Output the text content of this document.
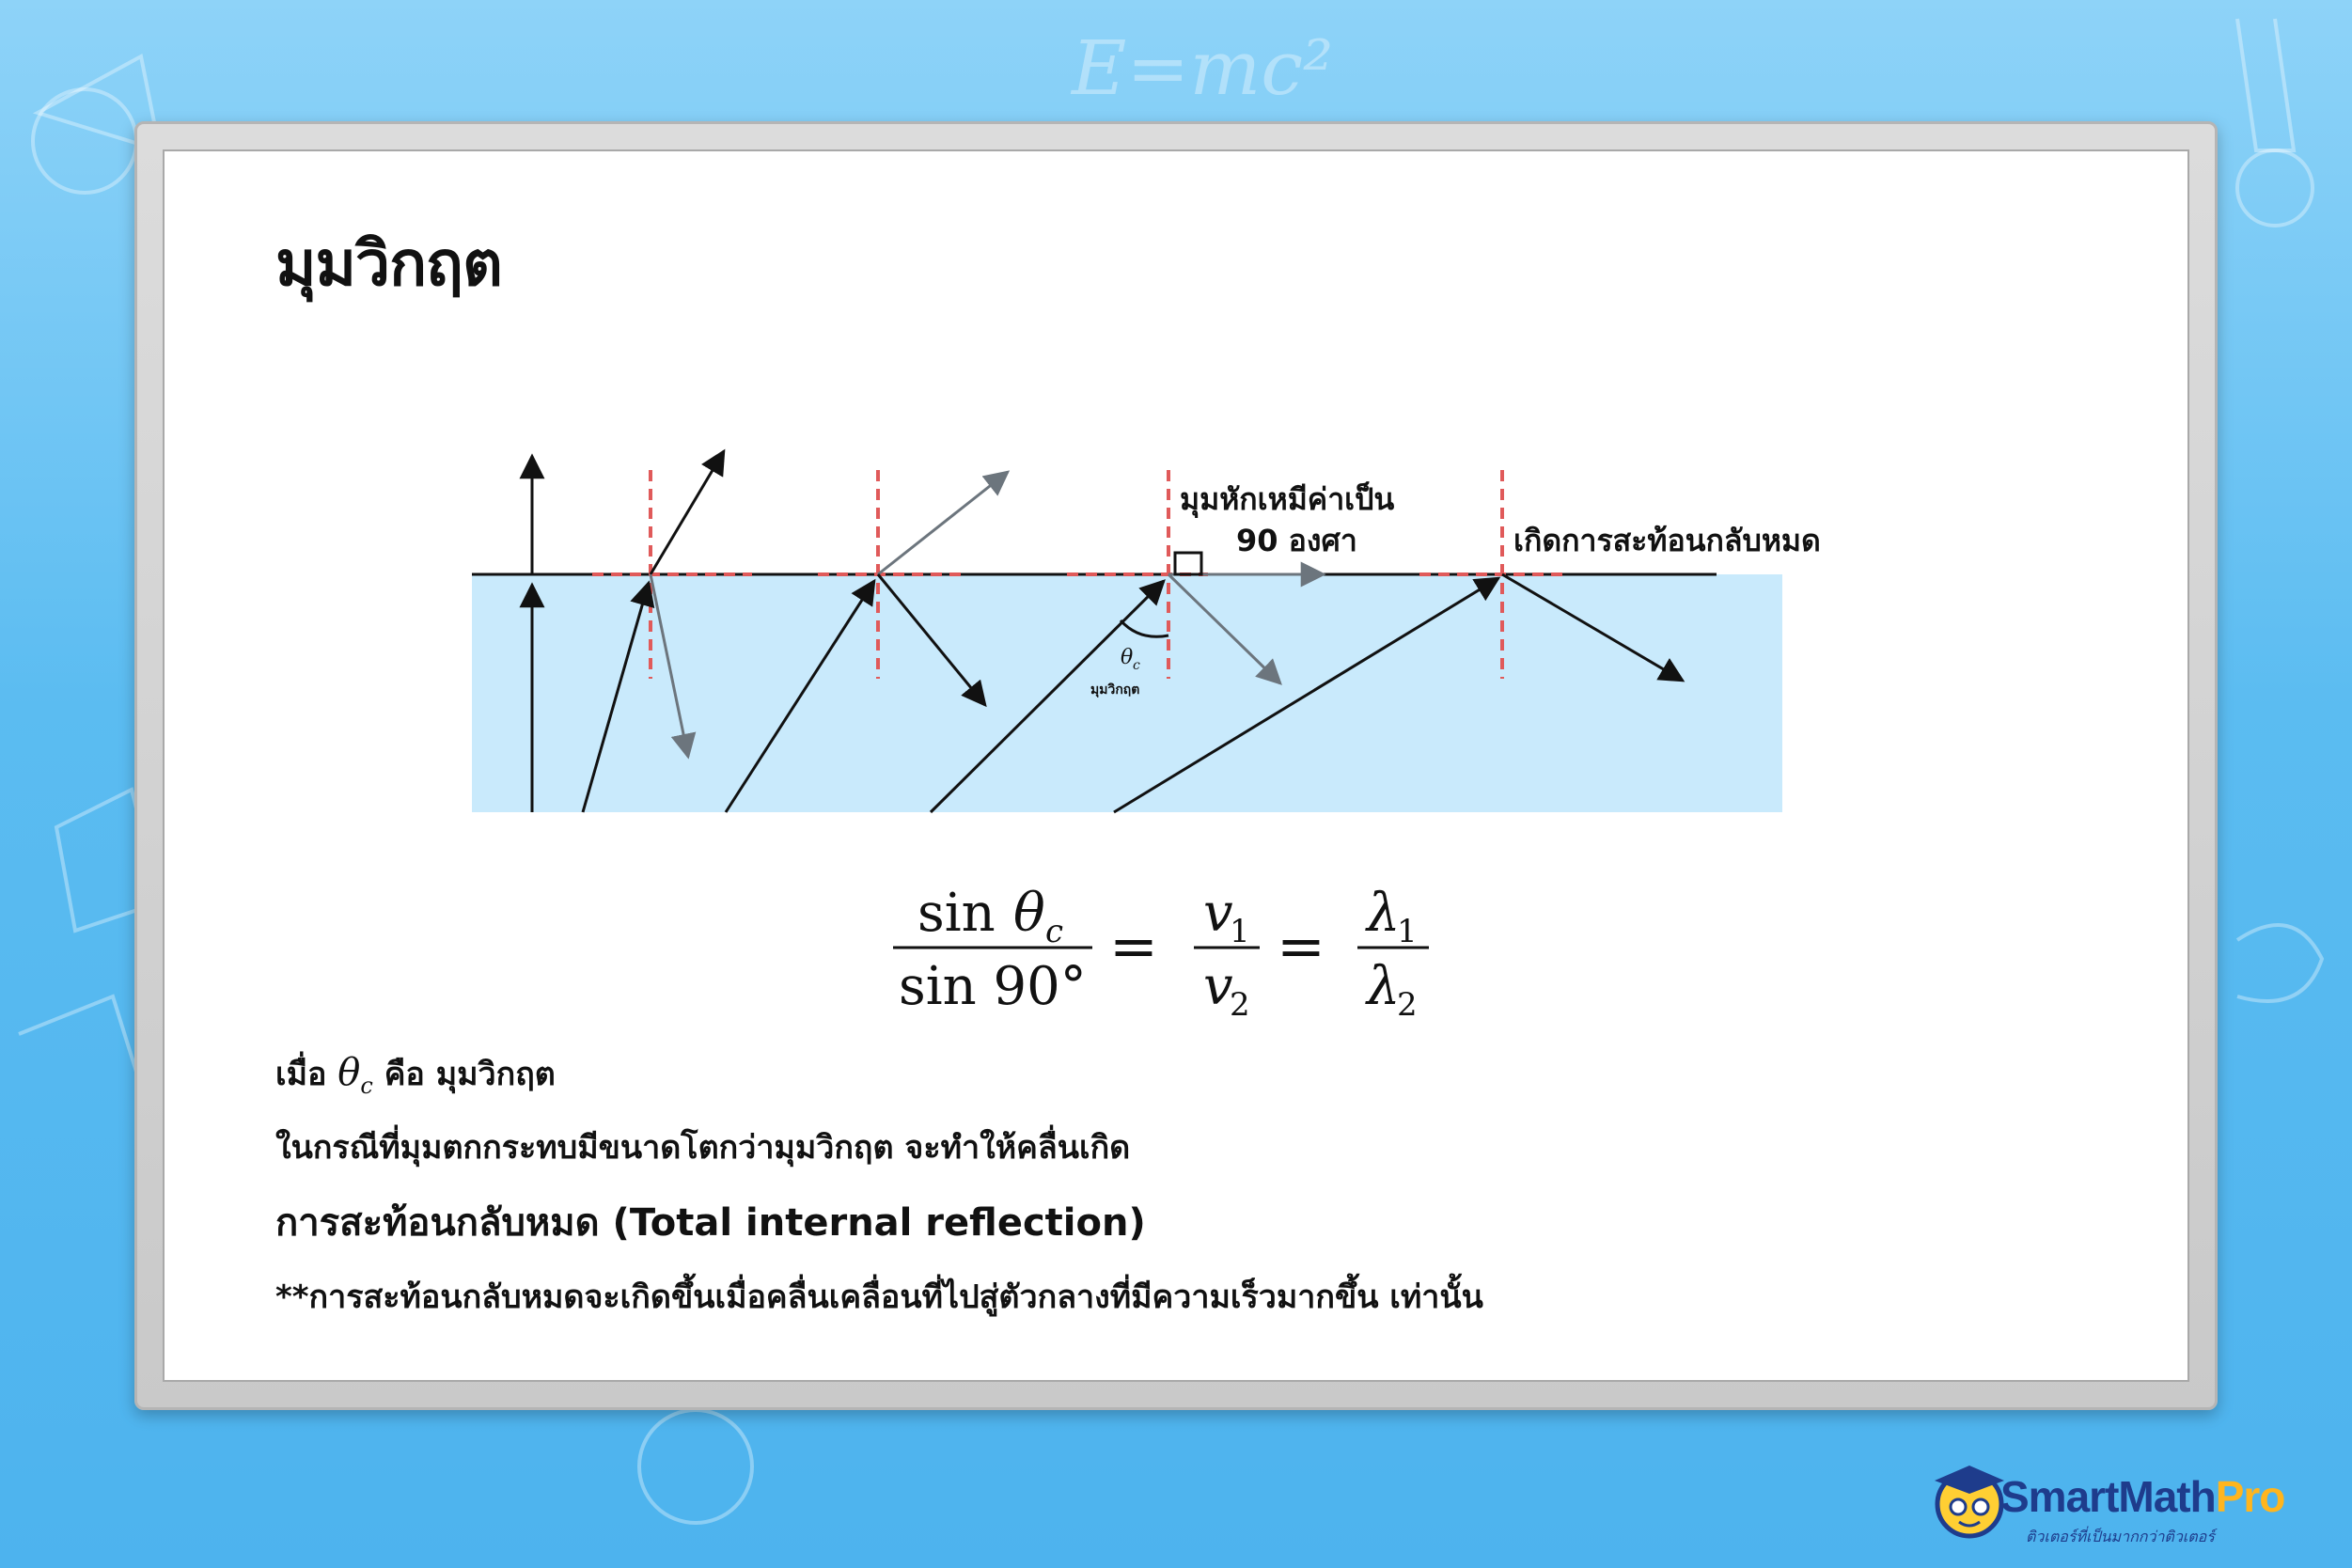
E=mc²
มุมวิกฤต
มุมหักเหมีค่าเป็น
90 องศา	เกิดการสะท้อนกลับหมด
θ c
มุมวิกฤต
sin θ c
sin 90°
= v
1
v
2
= λ
1
λ
2
เมื่อ $\theta_c$ คือ มุมวิกฤต
ในกรณีที่มุมตกกระทบมีขนาดโตกว่ามุมวิกฤต จะทำให้คลื่นเกิด
การสะท้อนกลับหมด (Total internal reflection)
**การสะท้อนกลับหมดจะเกิดขึ้นเมื่อคลื่นเคลื่อนที่ไปสู่ตัวกลางที่มีความเร็วมากขึ้น เท่านั้น
SmartMathPro
ติวเตอร์ที่เป็นมากกว่าติวเตอร์
